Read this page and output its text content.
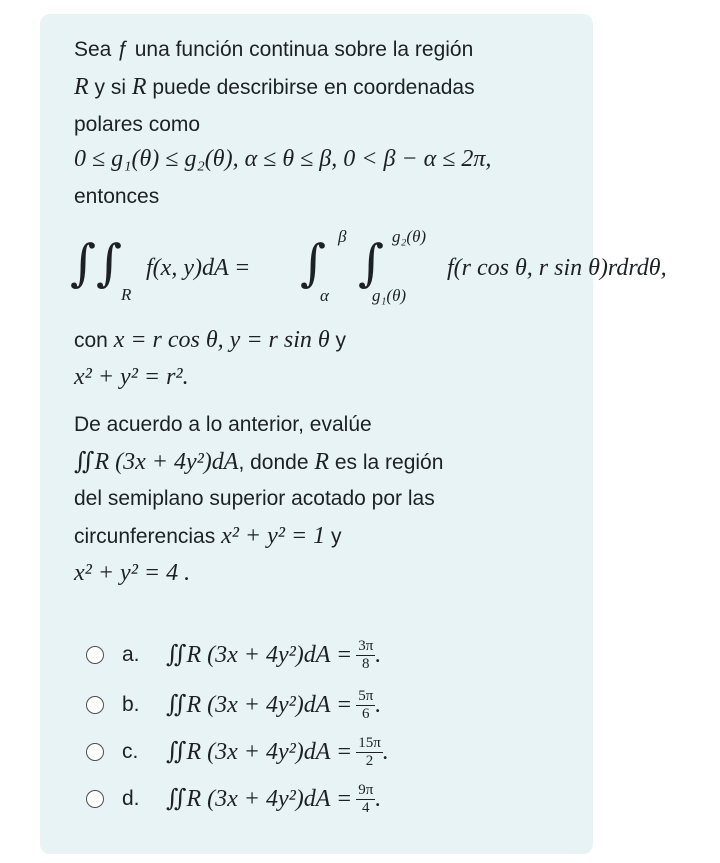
Sea ƒ una función continua sobre la región
R y si R puede describirse en coordenadas
polares como
0 ≤ g₁(θ) ≤ g₂(θ), α ≤ θ ≤ β, 0 < β − α ≤ 2π,
entonces
∫∫
R
f(x, y)dA = ∫ β
α
∫ g₂(θ)
g₁(θ)
f(r cos θ, r sin θ)rdrdθ,
con x = r cos θ, y = r sin θ y
x² + y² = r².
De acuerdo a lo anterior, evalúe
∬R (3x + 4y²)dA, donde R es la región
del semiplano superior acotado por las
circunferencias x² + y² = 1 y
x² + y² = 4 .
a.	∬R $(3x + 4y^2)dA = \frac{3\pi}{8}$ .
b.	∬R $(3x + 4y^2)dA = \frac{5\pi}{6}$ .
c.	∬R $(3x + 4y^2)dA = \frac{15\pi}{2}$ .
d.	∬R $(3x + 4y^2)dA = \frac{9\pi}{4}$ .
